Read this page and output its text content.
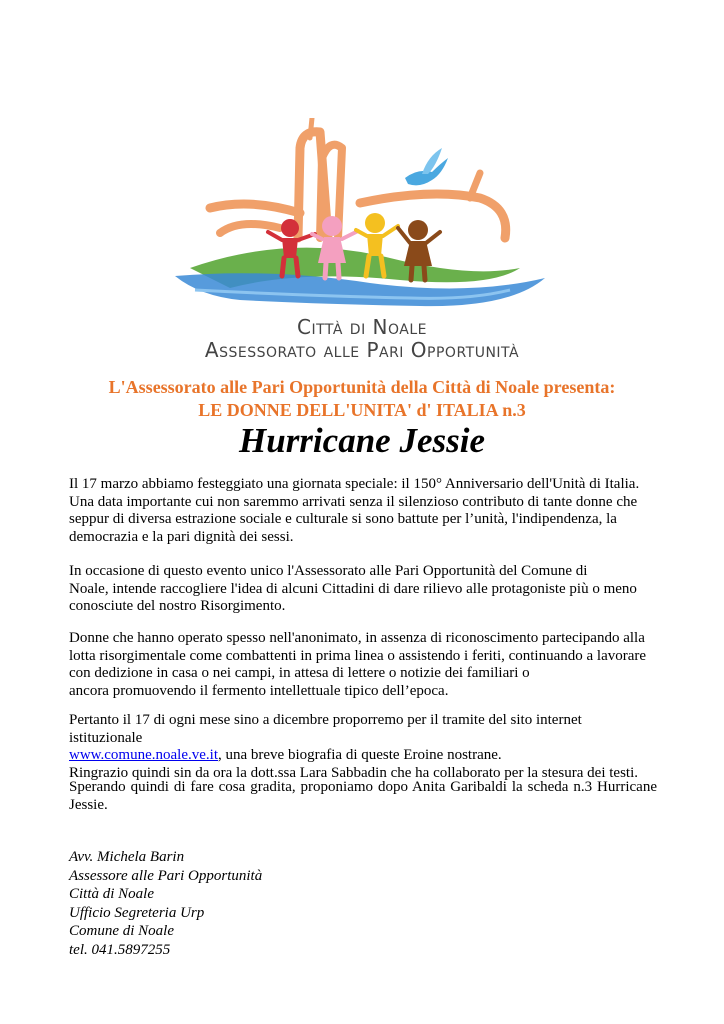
Città di Noale
Assessorato alle Pari Opportunità
L'Assessorato alle Pari Opportunità della Città di Noale presenta:
LE DONNE DELL'UNITA' d' ITALIA n.3
Hurricane Jessie

Il 17 marzo abbiamo festeggiato una giornata speciale: il 150° Anniversario dell'Unità di Italia.

Una data importante cui non saremmo arrivati senza il silenzioso contributo di tante donne che

seppur di diversa estrazione sociale e culturale si sono battute per l’unità, l'indipendenza, la

democrazia e la pari dignità dei sessi.

In occasione di questo evento unico l'Assessorato alle Pari Opportunità del Comune di

Noale, intende raccogliere l'idea di alcuni Cittadini di dare rilievo alle protagoniste più o meno

conosciute del nostro Risorgimento.

Donne che hanno operato spesso nell'anonimato, in assenza di riconoscimento partecipando alla

lotta risorgimentale come combattenti in prima linea o assistendo i feriti, continuando a lavorare

con dedizione in casa o nei campi, in attesa di lettere o notizie dei familiari o

ancora promuovendo il fermento intellettuale tipico dell’epoca.

Pertanto il 17 di ogni mese sino a dicembre proporremo per il tramite del sito internet istituzionale

www.comune.noale.ve.it, una breve biografia di queste Eroine nostrane.

Ringrazio quindi sin da ora la dott.ssa Lara Sabbadin che ha collaborato per la stesura dei testi.

Sperando quindi di fare cosa gradita, proponiamo dopo Anita Garibaldi la scheda n.3 Hurricane Jessie.
Avv. Michela Barin
Assessore alle Pari Opportunità
Città di Noale
Ufficio Segreteria Urp
Comune di Noale
tel. 041.5897255
